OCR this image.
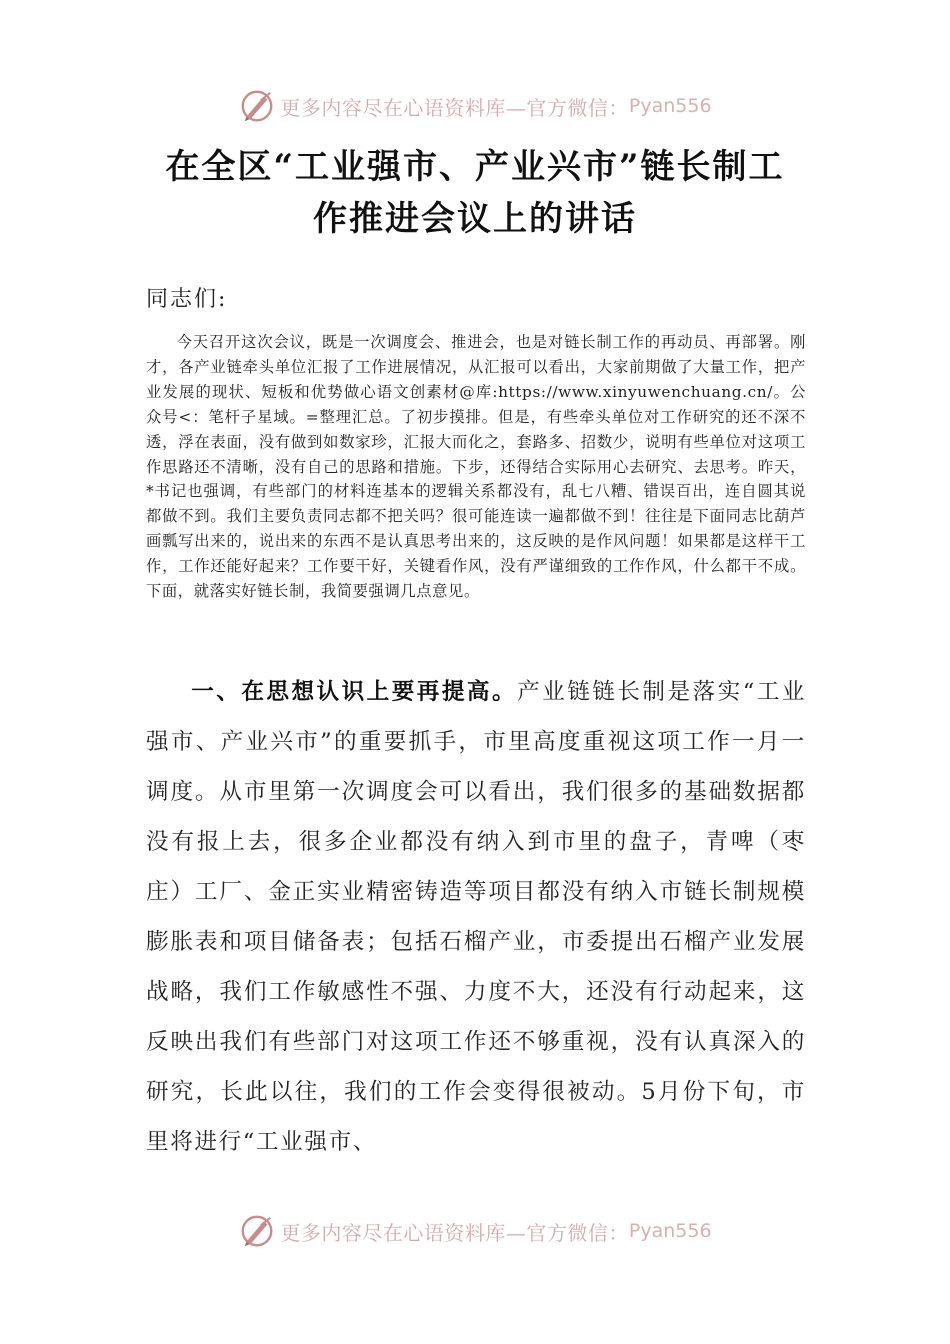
更多内容尽在心语资料库—官方微信： Pyan556
在全区“工业强市、产业兴市”链长制工
作推进会议上的讲话
同志们:

今天召开这次会议，既是一次调度会、推进会，也是对链长制工作的再动员、再部署。刚才，各产业链牵头单位汇报了工作进展情况，从汇报可以看出，大家前期做了大量工作，把产业发展的现状、短板和优势做心语文创素材@库:https://www.xinyuwenchuang.cn/。公众号<：笔杆子星域。=整理汇总。了初步摸排。但是，有些牵头单位对工作研究的还不深不透，浮在表面，没有做到如数家珍，汇报大而化之，套路多、招数少，说明有些单位对这项工作思路还不清晰，没有自己的思路和措施。下步，还得结合实际用心去研究、去思考。昨天，*书记也强调，有些部门的材料连基本的逻辑关系都没有，乱七八糟、错误百出，连自圆其说都做不到。我们主要负责同志都不把关吗？很可能连读一遍都做不到！往往是下面同志比葫芦画瓢写出来的，说出来的东西不是认真思考出来的，这反映的是作风问题！如果都是这样干工作，工作还能好起来？工作要干好，关键看作风，没有严谨细致的工作作风，什么都干不成。下面，就落实好链长制，我简要强调几点意见。

一、在思想认识上要再提高。产业链链长制是落实“工业强市、产业兴市”的重要抓手，市里高度重视这项工作一月一调度。从市里第一次调度会可以看出，我们很多的基础数据都没有报上去，很多企业都没有纳入到市里的盘子，青啤（枣庄）工厂、金正实业精密铸造等项目都没有纳入市链长制规模膨胀表和项目储备表；包括石榴产业，市委提出石榴产业发展战略，我们工作敏感性不强、力度不大，还没有行动起来，这反映出我们有些部门对这项工作还不够重视，没有认真深入的研究，长此以往，我们的工作会变得很被动。5月份下旬，市里将进行“工业强市、

更多内容尽在心语资料库—官方微信： Pyan556
